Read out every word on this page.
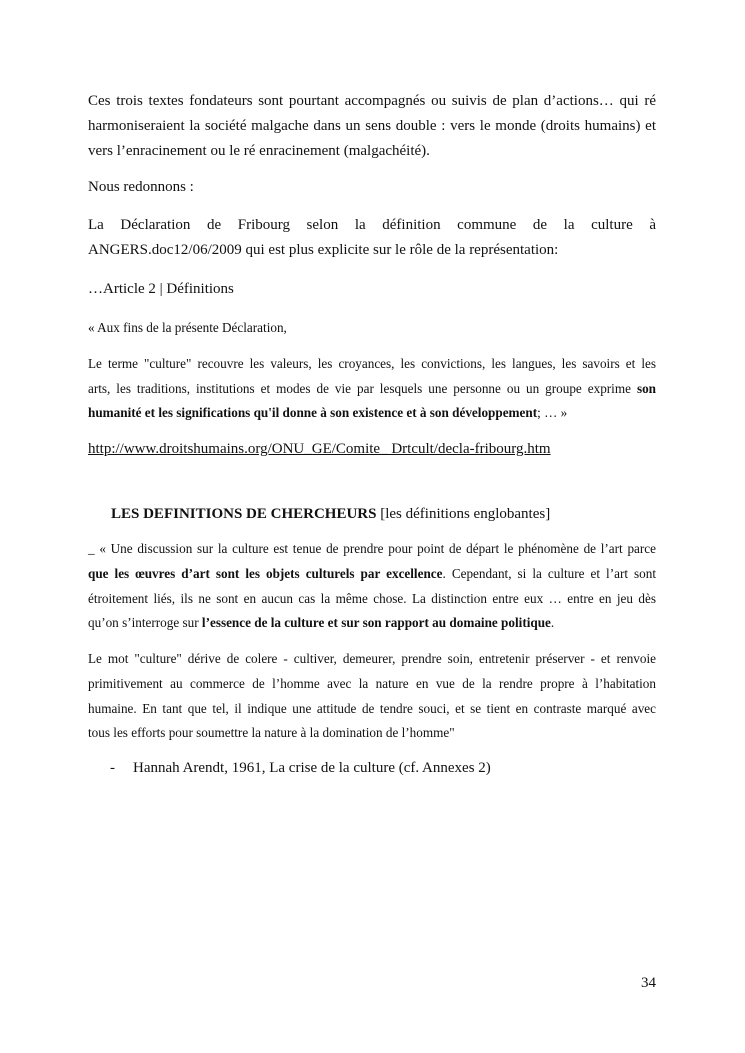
Ces trois textes fondateurs sont pourtant accompagnés ou suivis de plan d’actions… qui ré

harmoniseraient la société malgache dans un sens double : vers le monde (droits humains) et

vers l’enracinement ou le ré enracinement (malgachéité).

Nous redonnons :

La Déclaration de Fribourg selon la définition commune de la culture à

ANGERS.doc12/06/2009 qui est plus explicite sur le rôle de la représentation:

…Article 2 | Définitions

« Aux fins de la présente Déclaration,

Le terme "culture" recouvre les valeurs, les croyances, les convictions, les langues, les savoirs et les

arts, les traditions, institutions et modes de vie par lesquels une personne ou un groupe exprime son

humanité et les significations qu'il donne à son existence et à son développement; … »

http://www.droitshumains.org/ONU_GE/Comite_ Drtcult/decla-fribourg.htm

LES DEFINITIONS DE CHERCHEURS [les définitions englobantes]

_ « Une discussion sur la culture est tenue de prendre pour point de départ le phénomène de l’art parce

que les œuvres d’art sont les objets culturels par excellence. Cependant, si la culture et l’art sont

étroitement liés, ils ne sont en aucun cas la même chose. La distinction entre eux … entre en jeu dès

qu’on s’interroge sur l’essence de la culture et sur son rapport au domaine politique.

Le mot "culture" dérive de colere - cultiver, demeurer, prendre soin, entretenir préserver - et renvoie

primitivement au commerce de l’homme avec la nature en vue de la rendre propre à l’habitation

humaine. En tant que tel, il indique une attitude de tendre souci, et se tient en contraste marqué avec

tous les efforts pour soumettre la nature à la domination de l’homme"

- Hannah Arendt, 1961, La crise de la culture (cf. Annexes 2)

34
